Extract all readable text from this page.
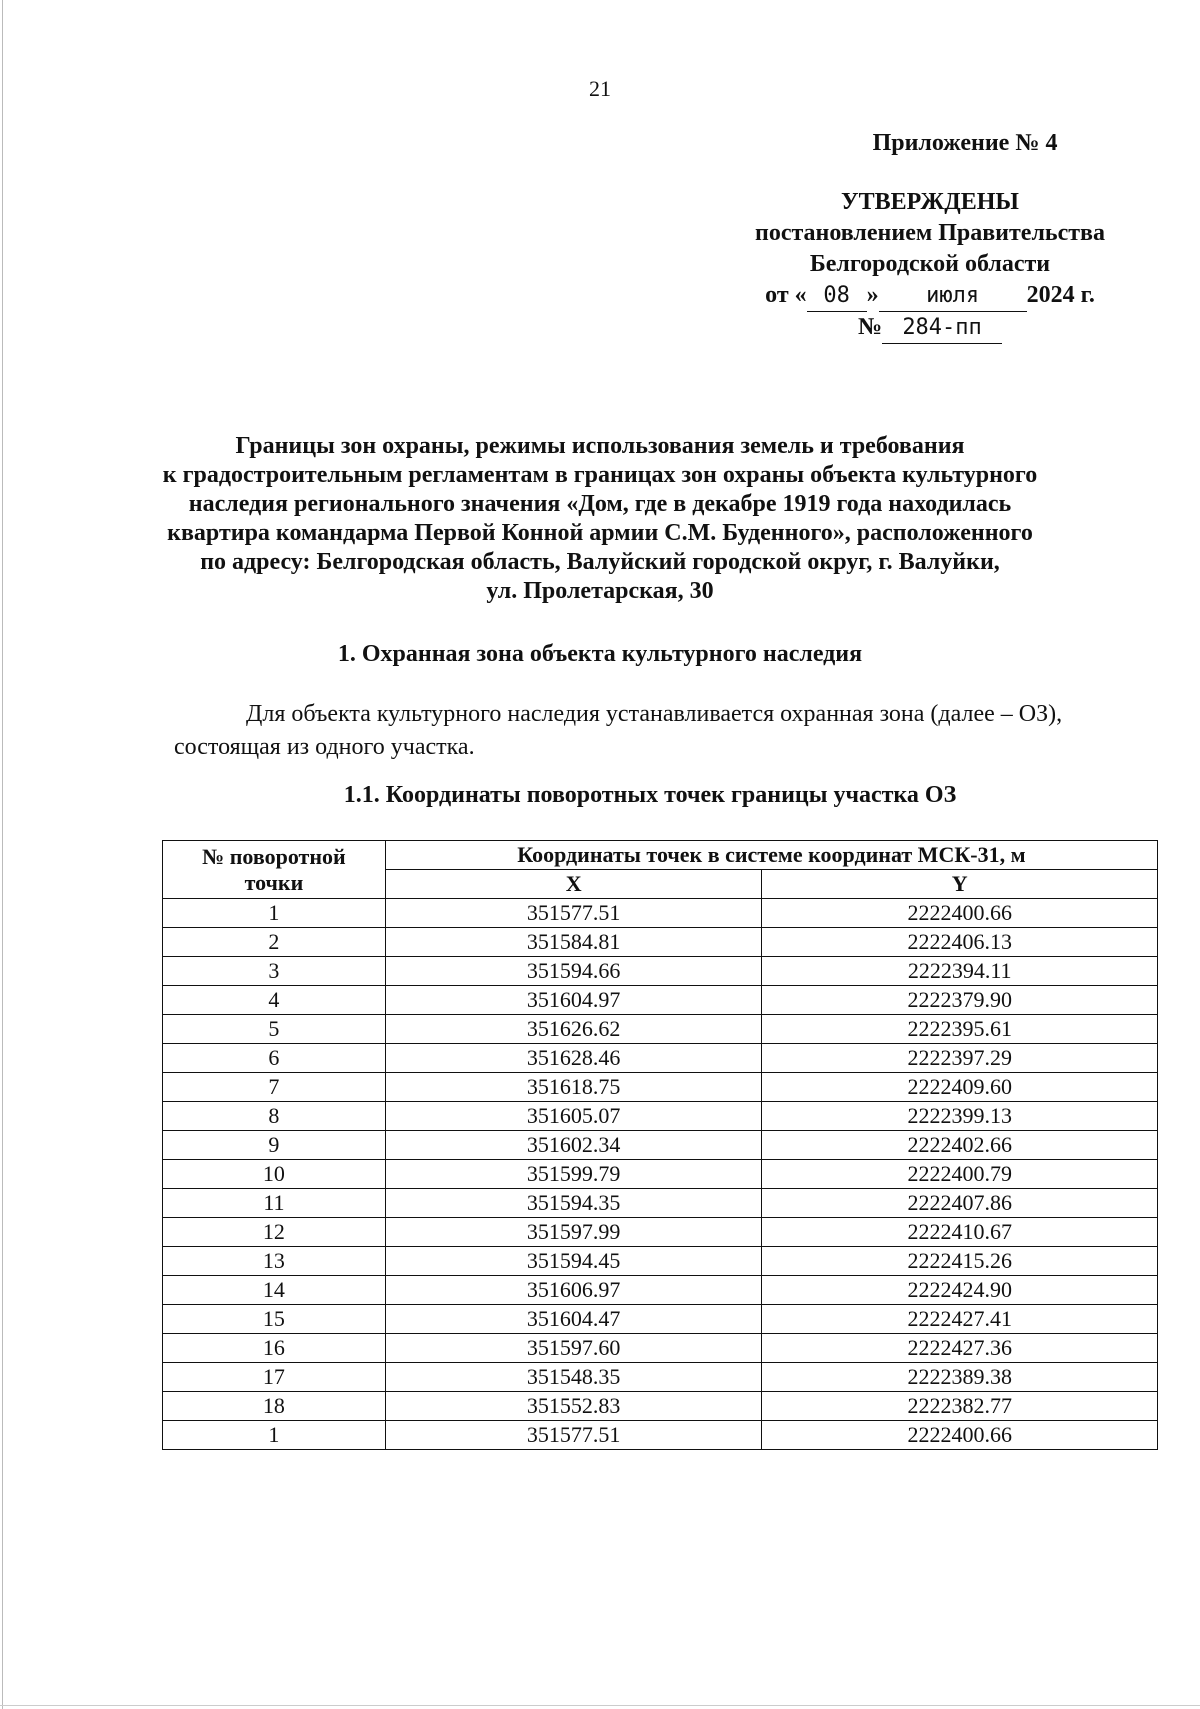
21
Приложение № 4
УТВЕРЖДЕНЫ
постановлением Правительства
Белгородской области
от « 08 » июля 2024 г.
№ 284-пп
Границы зон охраны, режимы использования земель и требования
к градостроительным регламентам в границах зон охраны объекта культурного
наследия регионального значения «Дом, где в декабре 1919 года находилась
квартира командарма Первой Конной армии С.М. Буденного», расположенного
по адресу: Белгородская область, Валуйский городской округ, г. Валуйки,
ул. Пролетарская, 30
1. Охранная зона объекта культурного наследия
Для объекта культурного наследия устанавливается охранная зона (далее – ОЗ),
состоящая из одного участка.
1.1. Координаты поворотных точек границы участка ОЗ
№ поворотной
точки	Координаты точек в системе координат МСК-31, м	
	X	Y
1	351577.51	2222400.66
2	351584.81	2222406.13
3	351594.66	2222394.11
4	351604.97	2222379.90
5	351626.62	2222395.61
6	351628.46	2222397.29
7	351618.75	2222409.60
8	351605.07	2222399.13
9	351602.34	2222402.66
10	351599.79	2222400.79
11	351594.35	2222407.86
12	351597.99	2222410.67
13	351594.45	2222415.26
14	351606.97	2222424.90
15	351604.47	2222427.41
16	351597.60	2222427.36
17	351548.35	2222389.38
18	351552.83	2222382.77
1	351577.51	2222400.66
